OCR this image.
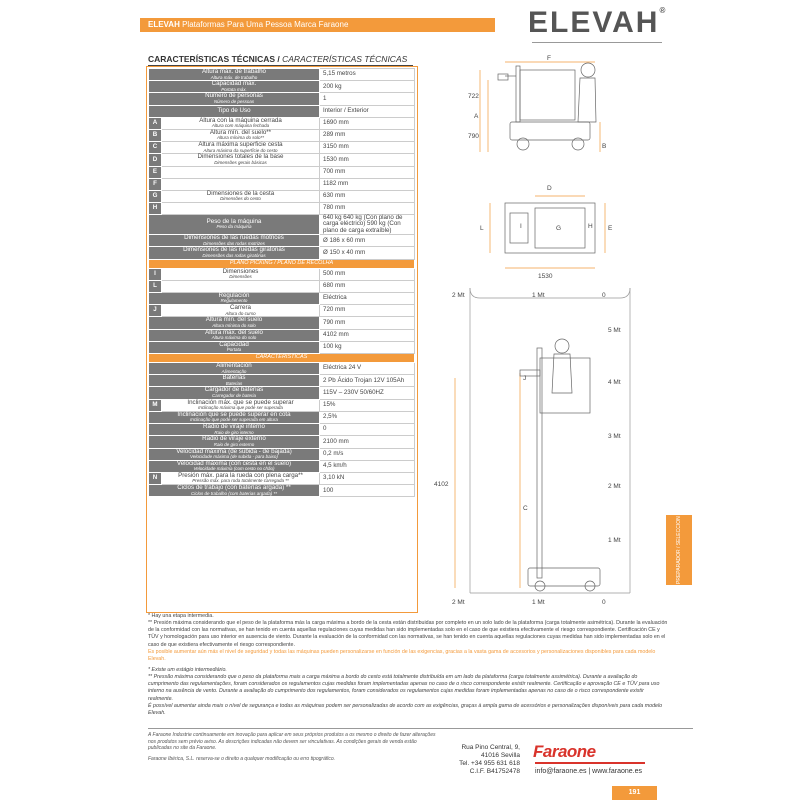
ELEVAH Plataformas Para Uma Pessoa Marca Faraone	ELEVAH®
CARACTERÍSTICAS TÉCNICAS / CARACTERÍSTICAS TÉCNICAS
Altura máx. de trabalho
Altura máx. de trabalho		5,15 metros
Capacidad máx.
Portata máx.		200 kg
Número de personas
Número de pessoas		1
Tipo de Uso		Interior / Exterior
A	Altura con la máquina cerrada
Altura com máquina fechada	1690 mm
B	Altura mín. del suelo**
Altura mínima do solo**	289 mm
C	Altura máxima superficie cesta
Altura máxima da superfície do cesto	3150 mm
D	Dimensiones totales de la base
Dimensões gerais básicas	1530 mm
E		700 mm
F		1182 mm
G	Dimensiones de la cesta
Dimensões do cesto	630 mm
H		780 mm
Peso de la máquina
Peso da máquina		640 kg 640 kg (Con plano de carga eléctrico) 590 kg (Con plano de carga extraíble)
Dimensiones de las ruedas motrices
Dimensões das rodas motrizes		Ø 186 x 60 mm
Dimensiones de las ruedas giratorias
Dimensões das rodas giratórias		Ø 150 x 40 mm
PLANO PICKING / PLANO DE RECOLHA		
I	Dimensiones
Dimensões	500 mm
L		680 mm
Regulación
Regulamento		Eléctrica
J	Carrera
Altura do curso	720 mm
Altura mín. del suelo
Altura mínima do solo		790 mm
Altura máx. del suelo
Altura máxima do solo		4102 mm
Capacidad
Portata		100 kg
CARACTERÍSTICAS		
Alimentación
Alimentação		Eléctrica 24 V
Baterías
Baterias		2 Pb Ácido Trojan 12V 105Ah
Cargador de baterías
Carregador de bateria		115V – 230V 50/60HZ
M	Inclinación máx. que se puede superar
Inclinação máxima que pode ser superada	15%
Inclinación que se puede superar en cota
Inclinação que pode ser superada em altura		2,5%
Radio de viraje interno
Raio de giro interno		0
Radio de viraje externo
Raio de giro externo		2100 mm
Velocidad máxima (de subida - de bajada)
Velocidade máxima (de subida - para baixo)		0,2 m/s
Velocidad máxima (con cesta en el suelo)
Velocidade máxima (com cesto no chão)		4,5 km/h
N	Presión máx. para la rueda con plena carga**
Pressão máx. para roda totalmente carregada **	3,10 kN
Ciclos de trabajo (con baterías argada) **
Ciclos de trabalho (com baterias argada) **		100
722
A
790
F
B
D
L	I	G	H E
1530
2 Mt	1 Mt	0
5 Mt
4 Mt
3 Mt
2 Mt
1 Mt
4102
C
J
2 Mt	1 Mt	0
PREPARADOR / SELECCION

* Hay una etapa intermedia.

** Presión máxima considerando que el peso de la plataforma más la carga máxima a bordo de la cesta están distribuidas por completo en un solo lado de la plataforma (carga totalmente asimétrica). Durante la evaluación de la conformidad con las normativas, se han tenido en cuenta aquellas regulaciones cuyas medidas han sido implementadas solo en el caso de que existiera efectivamente el riesgo correspondiente. Certificación CE y TÜV y homologación para uso interior en ausencia de viento. Durante la evaluación de la conformidad con las normativas, se han tenido en cuenta aquellas regulaciones cuyas medidas han sido implementadas solo en el caso de que existiera efectivamente el riesgo correspondiente.

Es posible aumentar aún más el nivel de seguridad y todas las máquinas pueden personalizarse en función de las exigencias, gracias a la vasta gama de accesorios y personalizaciones disponibles para cada modelo Elevah.

* Existe um estágio intermediário.

** Pressão máxima considerando que o peso da plataforma mais a carga máxima a bordo do cesto está totalmente distribuída em um lado da plataforma (carga totalmente assimétrica). Durante a avaliação do cumprimento das regulamentações, foram considerados os regulamentos cujas medidas foram implementadas apenas no caso de o risco correspondente existir realmente. Certificação e aprovação CE e TÜV para uso interno na ausência de vento. Durante a avaliação do cumprimento dos regulamentos, foram considerados os regulamentos cujas medidas foram implementadas apenas no caso de o risco correspondente existir realmente.

É possível aumentar ainda mais o nível de segurança e todas as máquinas podem ser personalizadas de acordo com as exigências, graças à ampla gama de acessórios e personalizações disponíveis para cada modelo Elevah.

A Faraone Industrie continuamente em inovação para aplicar em seus próprios produtos a os mesmo o direito de fazer alterações nos produtos sem prévio aviso. As descrições indicadas não devem ser vinculativas. As condições gerais de venda estão publicadas no site da Faraone.

Faraone Ibérica, S.L. reserva-se o direito a qualquer modificação ou erro tipográfico.

Rua Pino Central, 9,
41016 Sevilla
Tel. +34 955 631 618
C.I.F. B41752478
Faraone
info@faraone.es | www.faraone.es
191
